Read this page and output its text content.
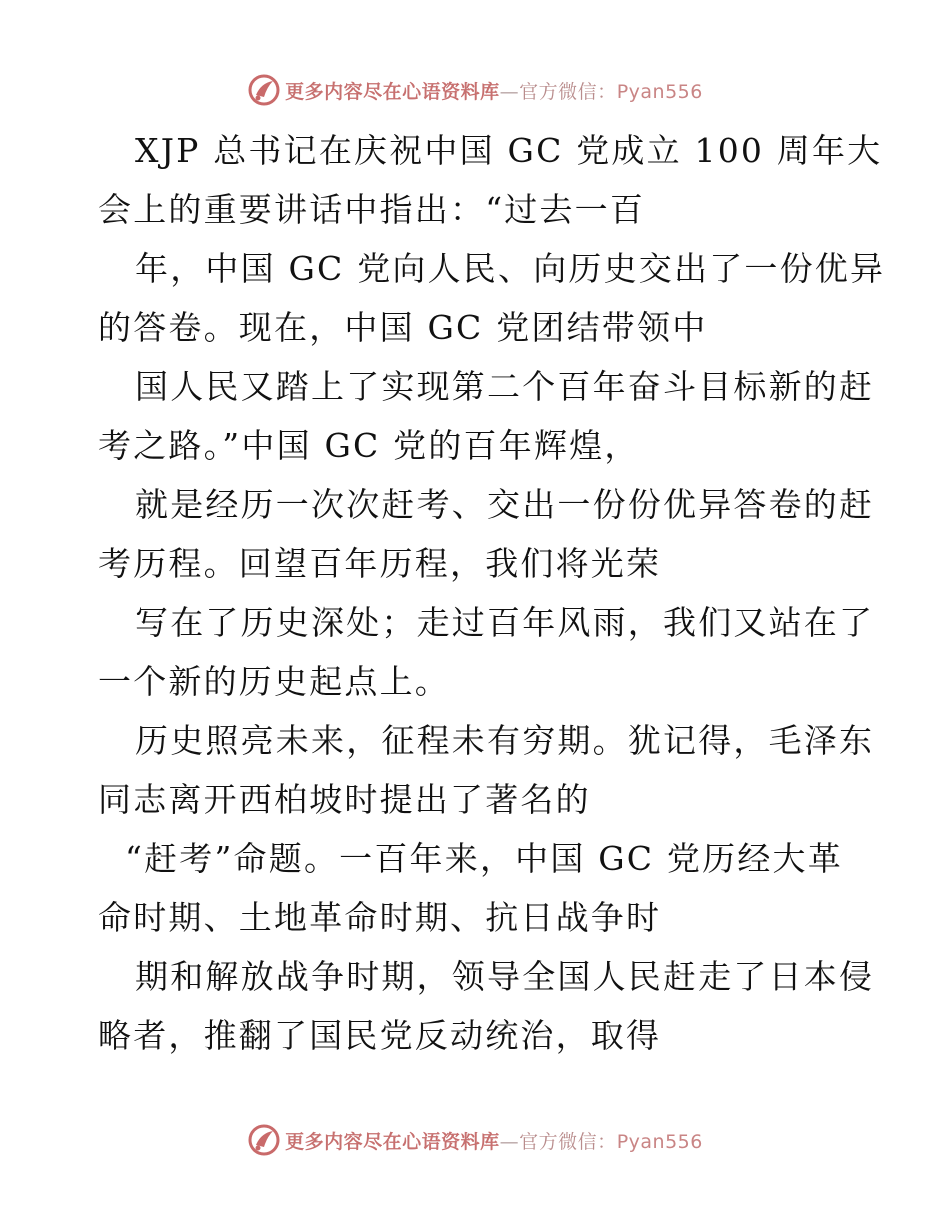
更多内容尽在心语资料库—官方微信：Pyan556
XJP 总书记在庆祝中国 GC 党成立 100 周年大
会上的重要讲话中指出：“过去一百
年，中国 GC 党向人民、向历史交出了一份优异
的答卷。现在，中国 GC 党团结带领中
国人民又踏上了实现第二个百年奋斗目标新的赶
考之路。”中国 GC 党的百年辉煌，
就是经历一次次赶考、交出一份份优异答卷的赶
考历程。回望百年历程，我们将光荣
写在了历史深处；走过百年风雨，我们又站在了
一个新的历史起点上。
历史照亮未来，征程未有穷期。犹记得，毛泽东
同志离开西柏坡时提出了著名的
“赶考”命题。一百年来，中国 GC 党历经大革
命时期、土地革命时期、抗日战争时
期和解放战争时期，领导全国人民赶走了日本侵
略者，推翻了国民党反动统治，取得
更多内容尽在心语资料库—官方微信：Pyan556
